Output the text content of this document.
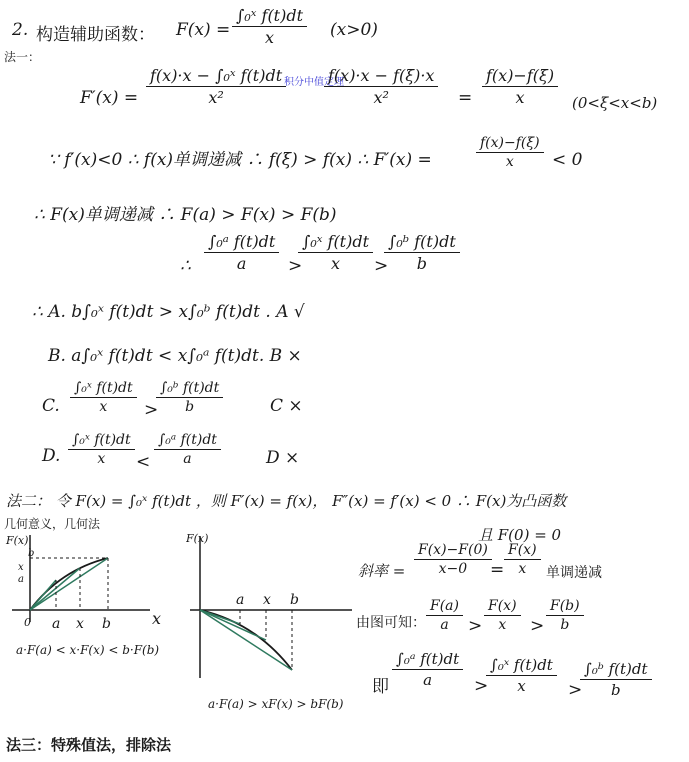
2. 构造辅助函数： F(x) =
∫₀ˣ f(t)dt
x	(x>0)
法一：
F′(x) =
f(x)·x − ∫₀ˣ f(t)dt
x²
积分中值定理
f(x)·x − f(ξ)·x
x²	=
f(x)−f(ξ)
x	(0<ξ<x<b)
∵ f′(x)<0 ∴ f(x)单调递减 ∴ f(ξ) > f(x) ∴ F′(x) =
f(x)−f(ξ)
x	< 0
∴ F(x)单调递减 ∴ F(a) > F(x) > F(b)
∴
∫₀ᵃ f(t)dt
a	>
∫₀ˣ f(t)dt
x	>
∫₀ᵇ f(t)dt
b
∴ A. b∫₀ˣ f(t)dt > x∫₀ᵇ f(t)dt . A √
B. a∫₀ˣ f(t)dt < x∫₀ᵃ f(t)dt. B ×
C.
∫₀ˣ f(t)dt
x	>
∫₀ᵇ f(t)dt
b	C ×
D.
∫₀ˣ f(t)dt
x	<
∫₀ᵃ f(t)dt
a	D ×
法二： 令 F(x) = ∫₀ˣ f(t)dt ，则 F′(x) = f(x)， F″(x) = f′(x) < 0 ∴ F(x)为凸函数
几何意义，几何法
且 F(0) = 0
斜率 =
F(x)−F(0)
x−0	=
F(x)
x	单调递减
由图可知：
F(a)
a	>
F(x)
x	>
F(b)
b
即
∫₀ᵃ f(t)dt
a	>
∫₀ˣ f(t)dt
x	>
∫₀ᵇ f(t)dt
b
F(x)
x
a x b
0
b
x
a
a·F(a) < x·F(x) < b·F(b)
F(x)
a x b
a·F(a) > xF(x) > bF(b)
法三：特殊值法，排除法
